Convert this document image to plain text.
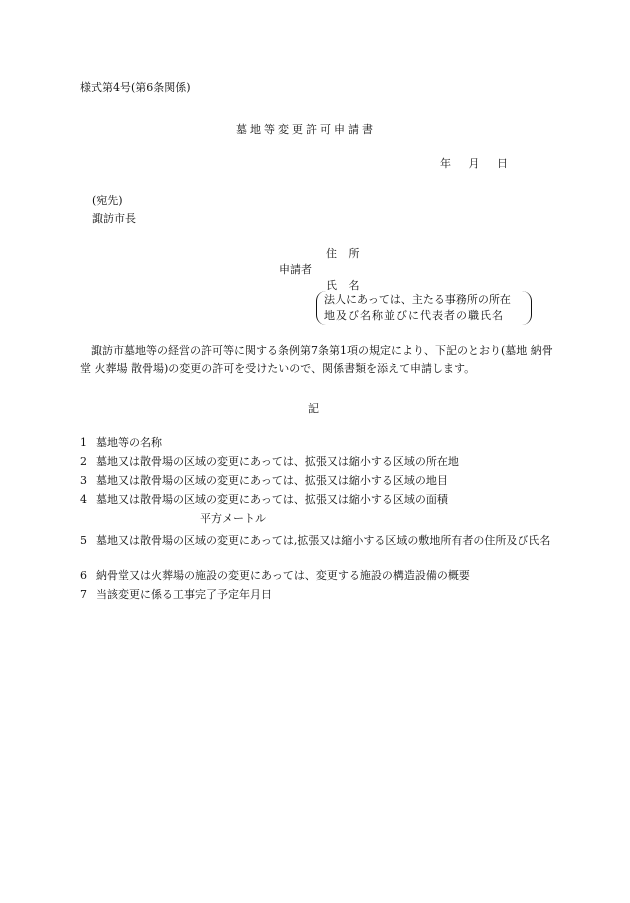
様式第4号(第6条関係)
墓地等変更許可申請書
年 月 日
(宛先)
諏訪市長
住 所
申請者
氏 名
法人にあっては、主たる事務所の所在
地及び名称並びに代表者の職氏名
諏訪市墓地等の経営の許可等に関する条例第7条第1項の規定により、下記のとおり(墓地 納骨堂 火葬場 散骨場)の変更の許可を受けたいので、関係書類を添えて申請します。
記
1 墓地等の名称
2 墓地又は散骨場の区域の変更にあっては、拡張又は縮小する区域の所在地
3 墓地又は散骨場の区域の変更にあっては、拡張又は縮小する区域の地目
4 墓地又は散骨場の区域の変更にあっては、拡張又は縮小する区域の面積
平方メートル
5 墓地又は散骨場の区域の変更にあっては,拡張又は縮小する区域の敷地所有者の住所及び氏名
6 納骨堂又は火葬場の施設の変更にあっては、変更する施設の構造設備の概要
7 当該変更に係る工事完了予定年月日
